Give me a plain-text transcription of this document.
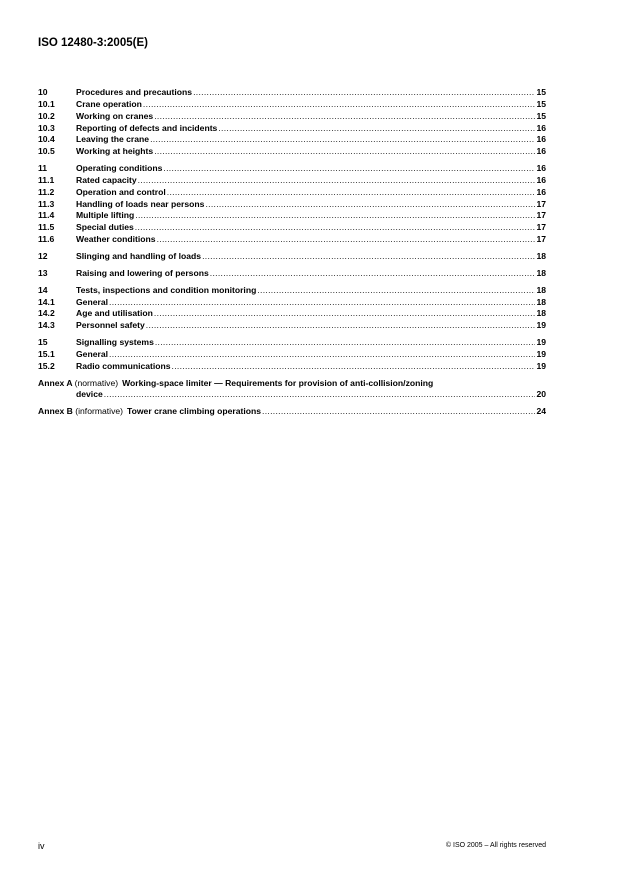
ISO 12480-3:2005(E)
10	Procedures and precautions .....	15
10.1	Crane operation .....	15
10.2	Working on cranes .....	15
10.3	Reporting of defects and incidents .....	16
10.4	Leaving the crane .....	16
10.5	Working at heights .....	16
11	Operating conditions .....	16
11.1	Rated capacity .....	16
11.2	Operation and control .....	16
11.3	Handling of loads near persons .....	17
11.4	Multiple lifting .....	17
11.5	Special duties .....	17
11.6	Weather conditions .....	17
12	Slinging and handling of loads .....	18
13	Raising and lowering of persons .....	18
14	Tests, inspections and condition monitoring .....	18
14.1	General .....	18
14.2	Age and utilisation .....	18
14.3	Personnel safety .....	19
15	Signalling systems .....	19
15.1	General .....	19
15.2	Radio communications .....	19
Annex A (normative) Working-space limiter — Requirements for provision of anti-collision/zoning
device .....	20
Annex B (informative) Tower crane climbing operations .....	24
iv	© ISO 2005 – All rights reserved
